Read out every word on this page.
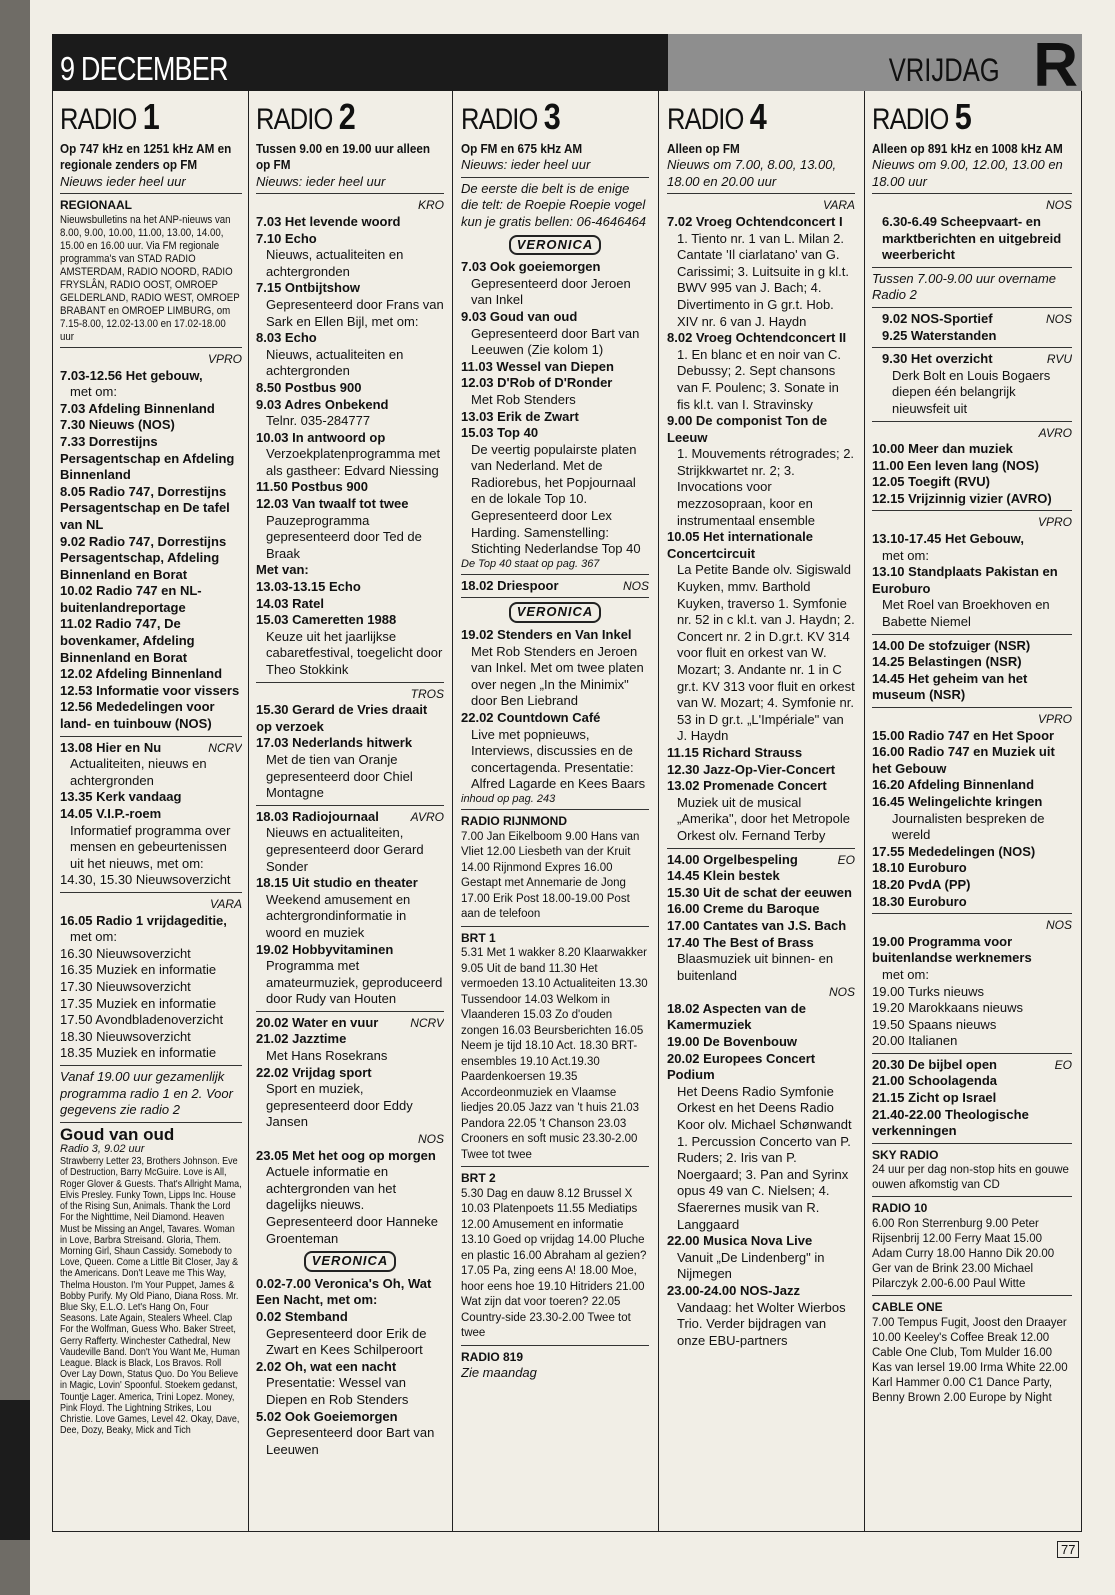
9 DECEMBER	VRIJDAG R
RADIO 1
Op 747 kHz en 1251 kHz AM en regionale zenders op FM
Nieuws ieder heel uur
REGIONAAL
Nieuwsbulletins na het ANP-nieuws van 8.00, 9.00, 10.00, 11.00, 13.00, 14.00, 15.00 en 16.00 uur. Via FM regionale programma's van STAD RADIO AMSTERDAM, RADIO NOORD, RADIO FRYSLÂN, RADIO OOST, OMROEP GELDERLAND, RADIO WEST, OMROEP BRABANT en OMROEP LIMBURG, om 7.15-8.00, 12.02-13.00 en 17.02-18.00 uur
VPRO
7.03-12.56 Het gebouw,
met om:
7.03 Afdeling Binnenland
7.30 Nieuws (NOS)
7.33 Dorrestijns Persagentschap en Afdeling Binnenland
8.05 Radio 747, Dorrestijns Persagentschap en De tafel van NL
9.02 Radio 747, Dorrestijns Persagentschap, Afdeling Binnenland en Borat
10.02 Radio 747 en NL-buitenlandreportage
11.02 Radio 747, De bovenkamer, Afdeling Binnenland en Borat
12.02 Afdeling Binnenland
12.53 Informatie voor vissers
12.56 Mededelingen voor land- en tuinbouw (NOS)
13.08 Hier en Nu	NCRV
Actualiteiten, nieuws en achtergronden
13.35 Kerk vandaag
14.05 V.I.P.-roem
Informatief programma over mensen en gebeurtenissen uit het nieuws, met om:
14.30, 15.30 Nieuwsoverzicht
VARA
16.05 Radio 1 vrijdageditie,
met om:
16.30 Nieuwsoverzicht
16.35 Muziek en informatie
17.30 Nieuwsoverzicht
17.35 Muziek en informatie
17.50 Avondbladenoverzicht
18.30 Nieuwsoverzicht
18.35 Muziek en informatie
Vanaf 19.00 uur gezamenlijk programma radio 1 en 2. Voor gegevens zie radio 2
Goud van oud
Radio 3, 9.02 uur
Strawberry Letter 23, Brothers Johnson. Eve of Destruction, Barry McGuire. Love is All, Roger Glover & Guests. That's Allright Mama, Elvis Presley. Funky Town, Lipps Inc. House of the Rising Sun, Animals. Thank the Lord For the Nighttime, Neil Diamond. Heaven Must be Missing an Angel, Tavares. Woman in Love, Barbra Streisand. Gloria, Them. Morning Girl, Shaun Cassidy. Somebody to Love, Queen. Come a Little Bit Closer, Jay & the Americans. Don't Leave me This Way, Thelma Houston. I'm Your Puppet, James & Bobby Purify. My Old Piano, Diana Ross. Mr. Blue Sky, E.L.O. Let's Hang On, Four Seasons. Late Again, Stealers Wheel. Clap For the Wolfman, Guess Who. Baker Street, Gerry Rafferty. Winchester Cathedral, New Vaudeville Band. Don't You Want Me, Human League. Black is Black, Los Bravos. Roll Over Lay Down, Status Quo. Do You Believe in Magic, Lovin' Spoonful. Stoekem gedanst, Tountje Lager. America, Trini Lopez. Money, Pink Floyd. The Lightning Strikes, Lou Christie. Love Games, Level 42. Okay, Dave, Dee, Dozy, Beaky, Mick and Tich
RADIO 2
Tussen 9.00 en 19.00 uur alleen op FM
Nieuws: ieder heel uur
KRO
7.03 Het levende woord
7.10 Echo
Nieuws, actualiteiten en achtergronden
7.15 Ontbijtshow
Gepresenteerd door Frans van Sark en Ellen Bijl, met om:
8.03 Echo
Nieuws, actualiteiten en achtergronden
8.50 Postbus 900
9.03 Adres Onbekend
Telnr. 035-284777
10.03 In antwoord op
Verzoekplatenprogramma met als gastheer: Edvard Niessing
11.50 Postbus 900
12.03 Van twaalf tot twee
Pauzeprogramma gepresenteerd door Ted de Braak
Met van:
13.03-13.15 Echo
14.03 Ratel
15.03 Cameretten 1988
Keuze uit het jaarlijkse cabaretfestival, toegelicht door Theo Stokkink
TROS
15.30 Gerard de Vries draait op verzoek
17.03 Nederlands hitwerk
Met de tien van Oranje gepresenteerd door Chiel Montagne
18.03 Radiojournaal	AVRO
Nieuws en actualiteiten, gepresenteerd door Gerard Sonder
18.15 Uit studio en theater
Weekend amusement en achtergrondinformatie in woord en muziek
19.02 Hobbyvitaminen
Programma met amateurmuziek, geproduceerd door Rudy van Houten
20.02 Water en vuur	NCRV
21.02 Jazztime
Met Hans Rosekrans
22.02 Vrijdag sport
Sport en muziek, gepresenteerd door Eddy Jansen
NOS
23.05 Met het oog op morgen
Actuele informatie en achtergronden van het dagelijks nieuws. Gepresenteerd door Hanneke Groenteman
VERONICA
0.02-7.00 Veronica's Oh, Wat Een Nacht, met om:
0.02 Stemband
Gepresenteerd door Erik de Zwart en Kees Schilperoort
2.02 Oh, wat een nacht
Presentatie: Wessel van Diepen en Rob Stenders
5.02 Ook Goeiemorgen
Gepresenteerd door Bart van Leeuwen
RADIO 3
Op FM en 675 kHz AM
Nieuws: ieder heel uur
De eerste die belt is de enige die telt: de Roepie Roepie vogel kun je gratis bellen: 06-4646464
VERONICA
7.03 Ook goeiemorgen
Gepresenteerd door Jeroen van Inkel
9.03 Goud van oud
Gepresenteerd door Bart van Leeuwen (Zie kolom 1)
11.03 Wessel van Diepen
12.03 D'Rob of D'Ronder
Met Rob Stenders
13.03 Erik de Zwart
15.03 Top 40
De veertig populairste platen van Nederland. Met de Radiorebus, het Popjournaal en de lokale Top 10. Gepresenteerd door Lex Harding. Samenstelling: Stichting Nederlandse Top 40
De Top 40 staat op pag. 367
18.02 Driespoor	NOS
VERONICA
19.02 Stenders en Van Inkel
Met Rob Stenders en Jeroen van Inkel. Met om twee platen over negen „In the Minimix" door Ben Liebrand
22.02 Countdown Café
Live met popnieuws, Interviews, discussies en de concertagenda. Presentatie: Alfred Lagarde en Kees Baars
inhoud op pag. 243
RADIO RIJNMOND
7.00 Jan Eikelboom 9.00 Hans van Vliet 12.00 Liesbeth van der Kruit 14.00 Rijnmond Expres 16.00 Gestapt met Annemarie de Jong 17.00 Erik Post 18.00-19.00 Post aan de telefoon
BRT 1
5.31 Met 1 wakker 8.20 Klaarwakker 9.05 Uit de band 11.30 Het vermoeden 13.10 Actualiteiten 13.30 Tussendoor 14.03 Welkom in Vlaanderen 15.03 Zo d'ouden zongen 16.03 Beursberichten 16.05 Neem je tijd 18.10 Act. 18.30 BRT-ensembles 19.10 Act.19.30 Paardenkoersen 19.35 Accordeonmuziek en Vlaamse liedjes 20.05 Jazz van 't huis 21.03 Pandora 22.05 't Chanson 23.03 Crooners en soft music 23.30-2.00 Twee tot twee
BRT 2
5.30 Dag en dauw 8.12 Brussel X 10.03 Platenpoets 11.55 Mediatips 12.00 Amusement en informatie 13.10 Goed op vrijdag 14.00 Pluche en plastic 16.00 Abraham al gezien? 17.05 Pa, zing eens A! 18.00 Moe, hoor eens hoe 19.10 Hitriders 21.00 Wat zijn dat voor toeren? 22.05 Country-side 23.30-2.00 Twee tot twee
RADIO 819
Zie maandag
RADIO 4
Alleen op FM
Nieuws om 7.00, 8.00, 13.00, 18.00 en 20.00 uur
VARA
7.02 Vroeg Ochtendconcert I
1. Tiento nr. 1 van L. Milan 2. Cantate 'Il ciarlatano' van G. Carissimi; 3. Luitsuite in g kl.t. BWV 995 van J. Bach; 4. Divertimento in G gr.t. Hob. XIV nr. 6 van J. Haydn
8.02 Vroeg Ochtendconcert II
1. En blanc et en noir van C. Debussy; 2. Sept chansons van F. Poulenc; 3. Sonate in fis kl.t. van I. Stravinsky
9.00 De componist Ton de Leeuw
1. Mouvements rétrogrades; 2. Strijkkwartet nr. 2; 3. Invocations voor mezzosopraan, koor en instrumentaal ensemble
10.05 Het internationale Concertcircuit
La Petite Bande olv. Sigiswald Kuyken, mmv. Barthold Kuyken, traverso 1. Symfonie nr. 52 in c kl.t. van J. Haydn; 2. Concert nr. 2 in D.gr.t. KV 314 voor fluit en orkest van W. Mozart; 3. Andante nr. 1 in C gr.t. KV 313 voor fluit en orkest van W. Mozart; 4. Symfonie nr. 53 in D gr.t. „L'Impériale" van J. Haydn
11.15 Richard Strauss
12.30 Jazz-Op-Vier-Concert
13.02 Promenade Concert
Muziek uit de musical „Amerika", door het Metropole Orkest olv. Fernand Terby
14.00 Orgelbespeling	EO
14.45 Klein bestek
15.30 Uit de schat der eeuwen
16.00 Creme du Baroque
17.00 Cantates van J.S. Bach
17.40 The Best of Brass
Blaasmuziek uit binnen- en buitenland
NOS
18.02 Aspecten van de Kamermuziek
19.00 De Bovenbouw
20.02 Europees Concert Podium
Het Deens Radio Symfonie Orkest en het Deens Radio Koor olv. Michael Schønwandt 1. Percussion Concerto van P. Ruders; 2. Iris van P. Noergaard; 3. Pan and Syrinx opus 49 van C. Nielsen; 4. Sfaerernes musik van R. Langgaard
22.00 Musica Nova Live
Vanuit „De Lindenberg" in Nijmegen
23.00-24.00 NOS-Jazz
Vandaag: het Wolter Wierbos Trio. Verder bijdragen van onze EBU-partners
RADIO 5
Alleen op 891 kHz en 1008 kHz AM
Nieuws om 9.00, 12.00, 13.00 en 18.00 uur
NOS
6.30-6.49 Scheepvaart- en marktberichten en uitgebreid weerbericht
Tussen 7.00-9.00 uur overname Radio 2
9.02 NOS-Sportief	NOS
9.25 Waterstanden
9.30 Het overzicht	RVU
Derk Bolt en Louis Bogaers diepen één belangrijk nieuwsfeit uit
AVRO
10.00 Meer dan muziek
11.00 Een leven lang (NOS)
12.05 Toegift (RVU)
12.15 Vrijzinnig vizier (AVRO)
VPRO
13.10-17.45 Het Gebouw,
met om:
13.10 Standplaats Pakistan en Euroburo
Met Roel van Broekhoven en Babette Niemel
14.00 De stofzuiger (NSR)
14.25 Belastingen (NSR)
14.45 Het geheim van het museum (NSR)
VPRO
15.00 Radio 747 en Het Spoor
16.00 Radio 747 en Muziek uit het Gebouw
16.20 Afdeling Binnenland
16.45 Welingelichte kringen
Journalisten bespreken de wereld
17.55 Mededelingen (NOS)
18.10 Euroburo
18.20 PvdA (PP)
18.30 Euroburo
NOS
19.00 Programma voor buitenlandse werknemers
met om:
19.00 Turks nieuws
19.20 Marokkaans nieuws
19.50 Spaans nieuws
20.00 Italianen
20.30 De bijbel open	EO
21.00 Schoolagenda
21.15 Zicht op Israel
21.40-22.00 Theologische verkenningen
SKY RADIO
24 uur per dag non-stop hits en gouwe ouwen afkomstig van CD
RADIO 10
6.00 Ron Sterrenburg 9.00 Peter Rijsenbrij 12.00 Ferry Maat 15.00 Adam Curry 18.00 Hanno Dik 20.00 Ger van de Brink 23.00 Michael Pilarczyk 2.00-6.00 Paul Witte
CABLE ONE
7.00 Tempus Fugit, Joost den Draayer 10.00 Keeley's Coffee Break 12.00 Cable One Club, Tom Mulder 16.00 Kas van Iersel 19.00 Irma White 22.00 Karl Hammer 0.00 C1 Dance Party, Benny Brown 2.00 Europe by Night
77
